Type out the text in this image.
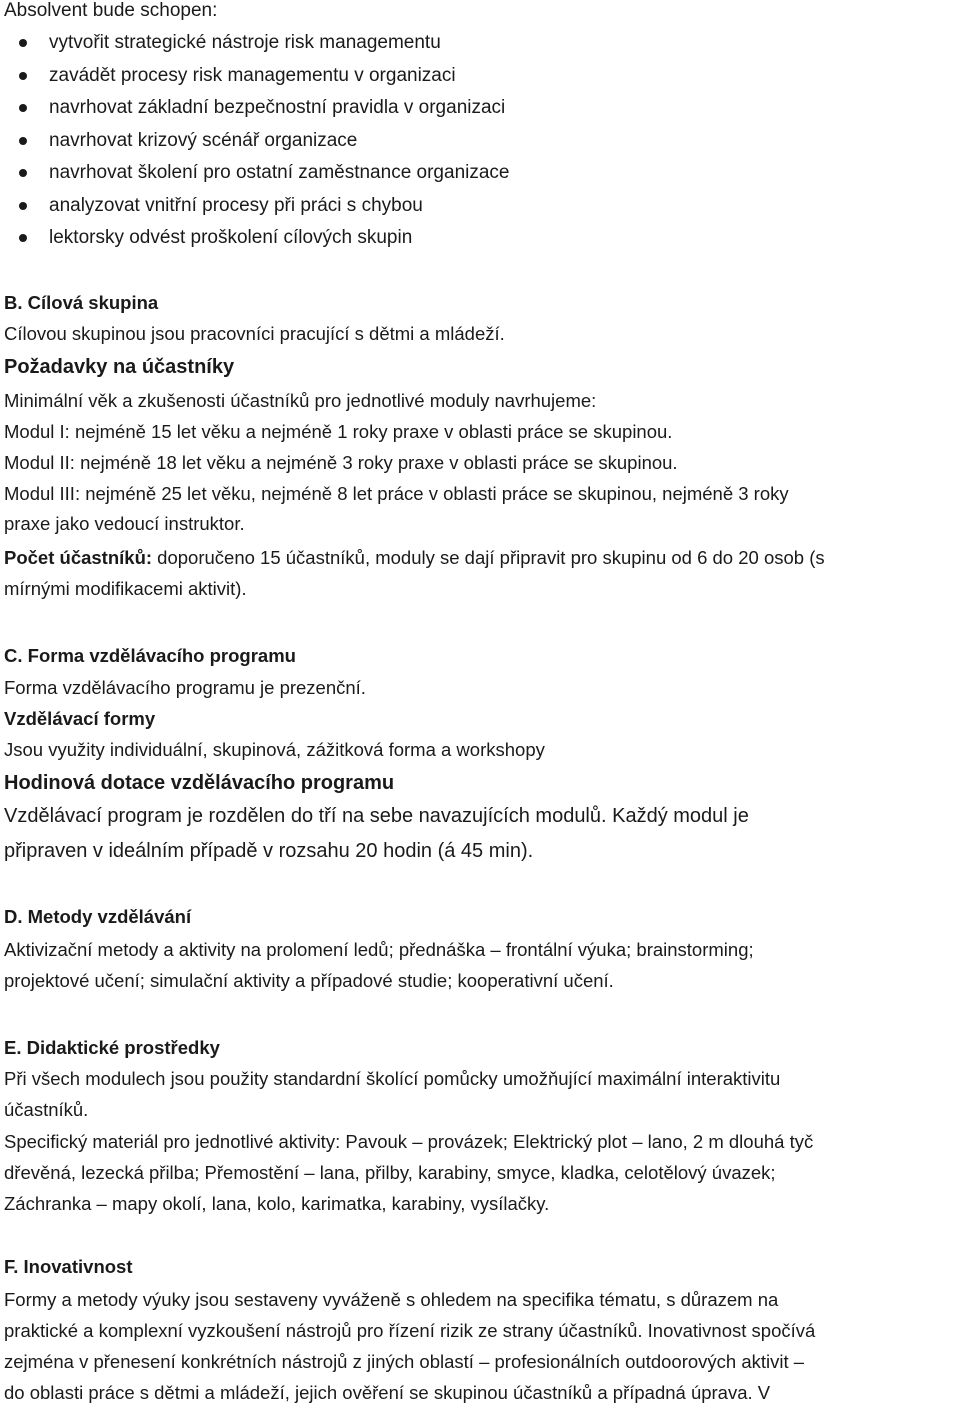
Absolvent bude schopen:
vytvořit strategické nástroje risk managementu
zavádět procesy risk managementu v organizaci
navrhovat základní bezpečnostní pravidla v organizaci
navrhovat krizový scénář organizace
navrhovat školení pro ostatní zaměstnance organizace
analyzovat vnitřní procesy při práci s chybou
lektorsky odvést proškolení cílových skupin
B. Cílová skupina
Cílovou skupinou jsou pracovníci pracující s dětmi a mládeží.
Požadavky na účastníky
Minimální věk a zkušenosti účastníků pro jednotlivé moduly navrhujeme:
Modul I: nejméně 15 let věku a nejméně 1 roky praxe v oblasti práce se skupinou.
Modul II: nejméně 18 let věku a nejméně 3 roky praxe v oblasti práce se skupinou.
Modul III: nejméně 25 let věku, nejméně 8 let práce v oblasti práce se skupinou, nejméně 3 roky
praxe jako vedoucí instruktor.
Počet účastníků: doporučeno 15 účastníků, moduly se dají připravit pro skupinu od 6 do 20 osob (s
mírnými modifikacemi aktivit).
C. Forma vzdělávacího programu
Forma vzdělávacího programu je prezenční.
Vzdělávací formy
Jsou využity individuální, skupinová, zážitková forma a workshopy
Hodinová dotace vzdělávacího programu
Vzdělávací program je rozdělen do tří na sebe navazujících modulů. Každý modul je
připraven v ideálním případě v rozsahu 20 hodin (á 45 min).
D. Metody vzdělávání
Aktivizační metody a aktivity na prolomení ledů; přednáška – frontální výuka; brainstorming;
projektové učení; simulační aktivity a případové studie; kooperativní učení.
E. Didaktické prostředky
Při všech modulech jsou použity standardní školící pomůcky umožňující maximální interaktivitu
účastníků.
Specifický materiál pro jednotlivé aktivity: Pavouk – provázek; Elektrický plot – lano, 2 m dlouhá tyč
dřevěná, lezecká přilba; Přemostění – lana, přilby, karabiny, smyce, kladka, celotělový úvazek;
Záchranka – mapy okolí, lana, kolo, karimatka, karabiny, vysílačky.
F. Inovativnost
Formy a metody výuky jsou sestaveny vyváženě s ohledem na specifika tématu, s důrazem na
praktické a komplexní vyzkoušení nástrojů pro řízení rizik ze strany účastníků. Inovativnost spočívá
zejména v přenesení konkrétních nástrojů z jiných oblastí – profesionálních outdoorových aktivit –
do oblasti práce s dětmi a mládeží, jejich ověření se skupinou účastníků a případná úprava. V
